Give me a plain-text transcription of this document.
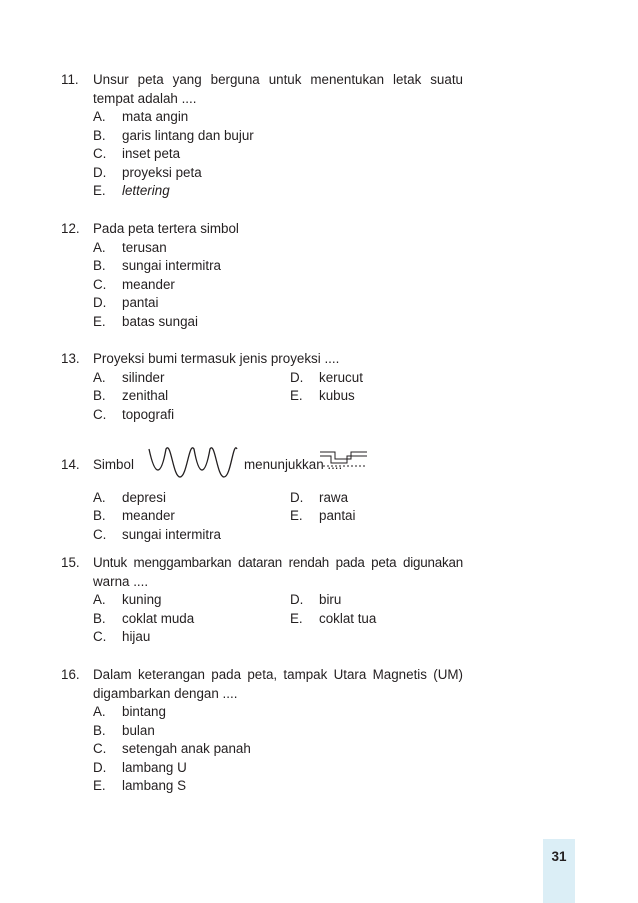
11. Unsur peta yang berguna untuk menentukan letak suatu
tempat adalah ....
A. mata angin
B. garis lintang dan bujur
C. inset peta
D. proyeksi peta
E. lettering
12. Pada peta tertera simbol
A. terusan
B. sungai intermitra
C. meander
D. pantai
E. batas sungai
13. Proyeksi bumi termasuk jenis proyeksi ....
A. silinder	D. kerucut
B. zenithal	E. kubus
C. topografi
14. Simbol	menunjukkan ....
A. depresi	D. rawa
B. meander	E. pantai
C. sungai intermitra
15. Untuk menggambarkan dataran rendah pada peta digunakan
warna ....
A. kuning	D. biru
B. coklat muda	E. coklat tua
C. hijau
16. Dalam keterangan pada peta, tampak Utara Magnetis (UM)
digambarkan dengan ....
A. bintang
B. bulan
C. setengah anak panah
D. lambang U
E. lambang S
31
